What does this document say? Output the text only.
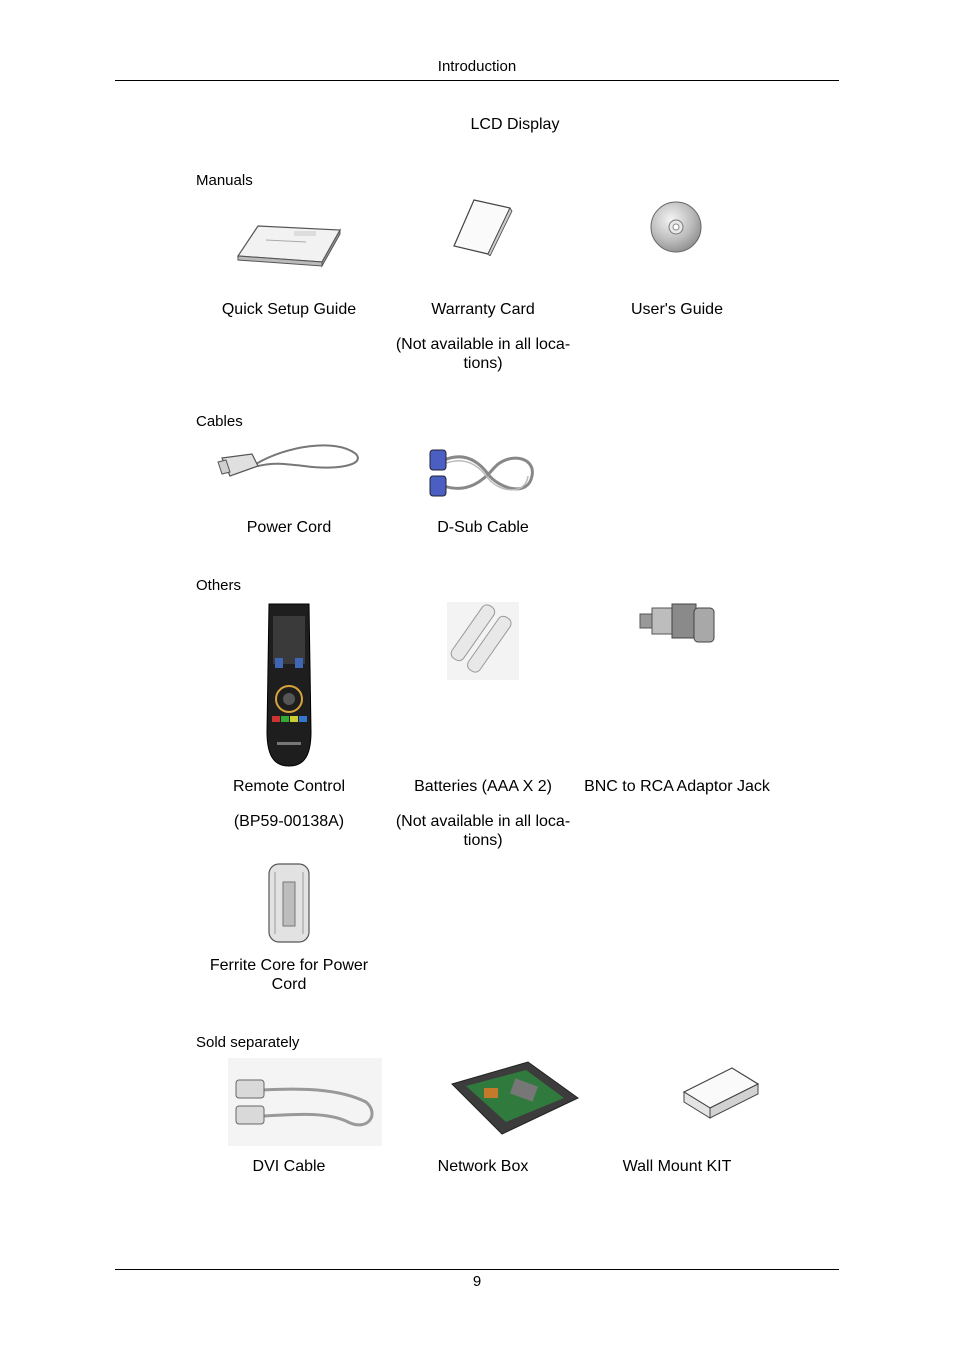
Introduction
LCD Display
Manuals
Quick Setup Guide	Warranty Card
(Not available in all loca- tions)
User's Guide
Cables
Power Cord	D-Sub Cable
Others
Remote Control
(BP59-00138A)
Batteries (AAA X 2)
(Not available in all loca- tions)
BNC to RCA Adaptor Jack
Ferrite Core for Power Cord
Sold separately
DVI Cable	Network Box	Wall Mount KIT
9
